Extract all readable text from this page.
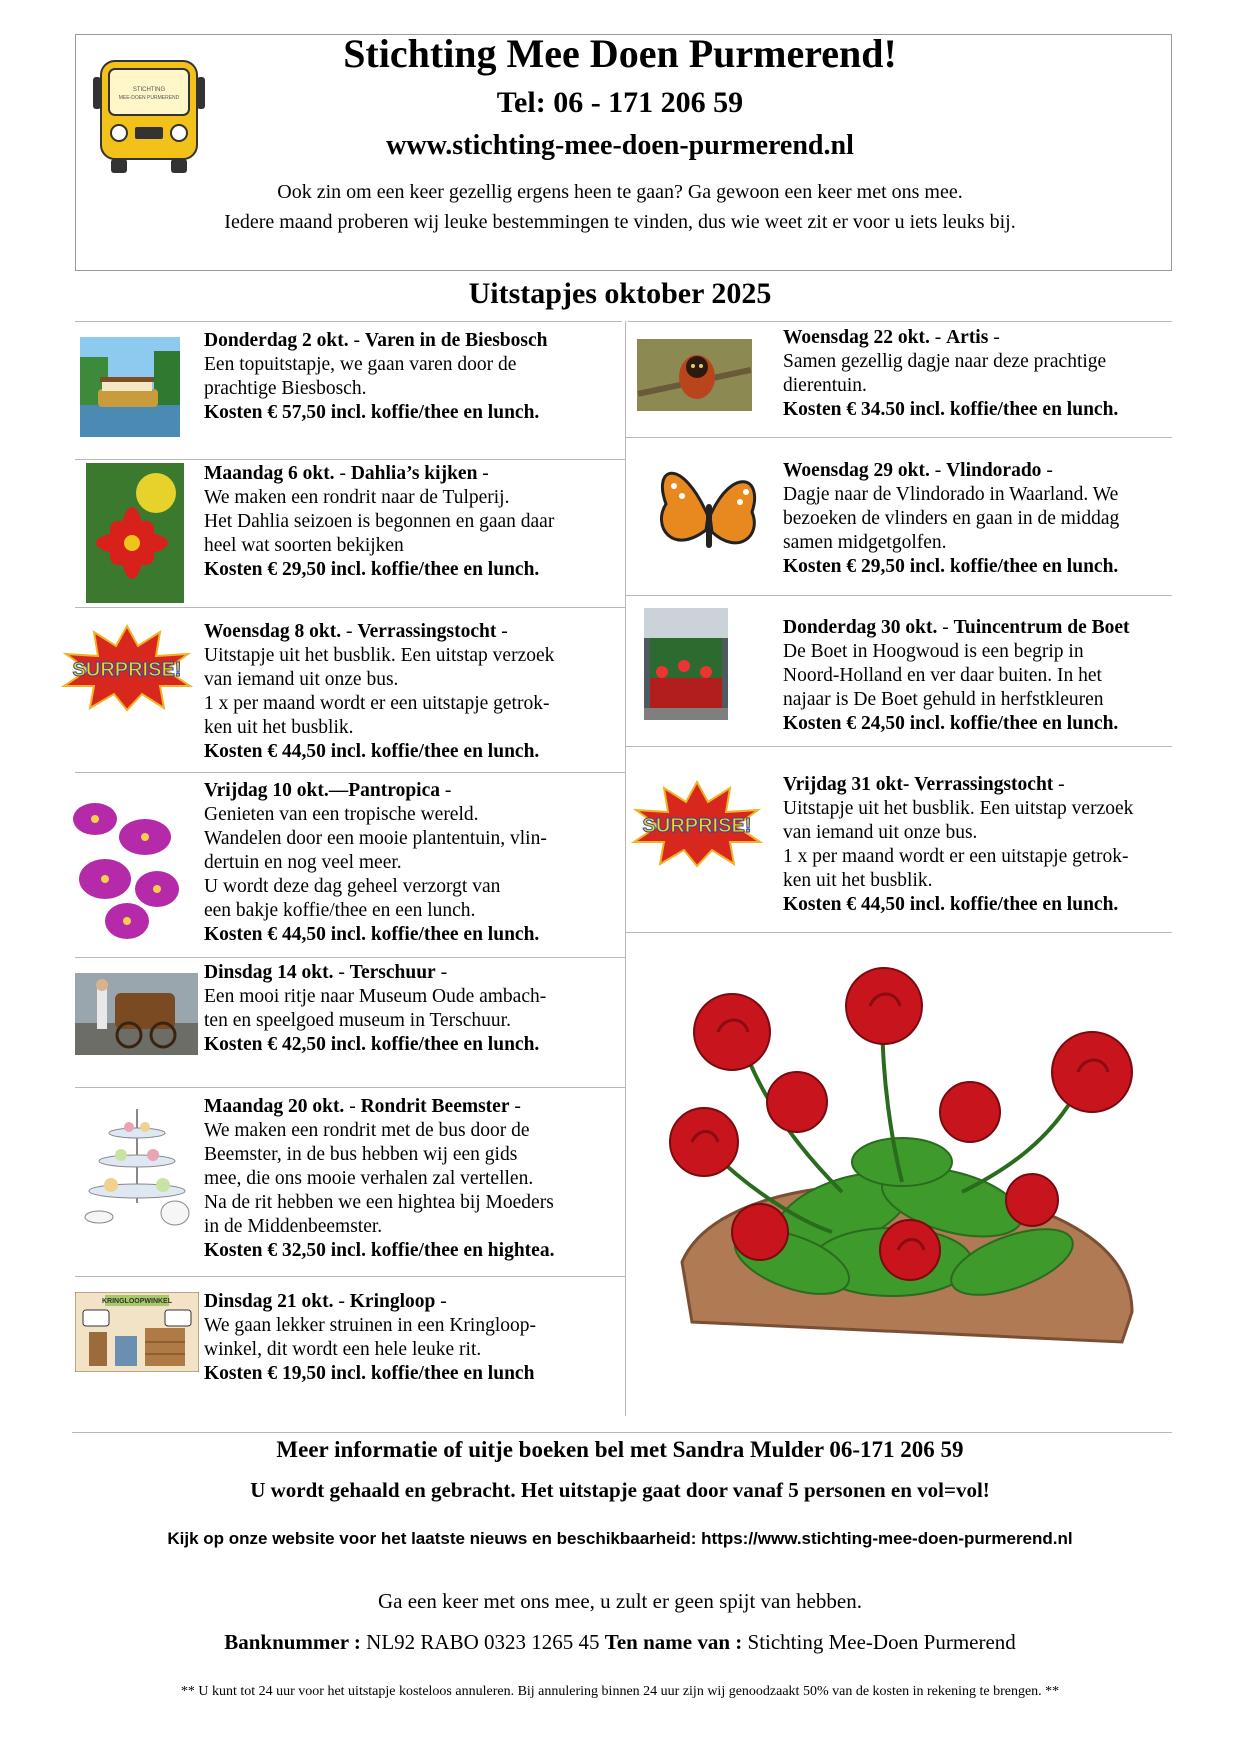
STICHTING
MEE-DOEN PURMEREND
Stichting Mee Doen Purmerend!
Tel: 06 - 171 206 59
www.stichting-mee-doen-purmerend.nl
Ook zin om een keer gezellig ergens heen te gaan? Ga gewoon een keer met ons mee.
Iedere maand proberen wij leuke bestemmingen te vinden, dus wie weet zit er voor u iets leuks bij.
Uitstapjes oktober 2025
SURPRISE!
KRINGLOOPWINKEL
SURPRISE!
Donderdag 2 okt. - Varen in de Biesbosch
Een topuitstapje, we gaan varen door de
prachtige Biesbosch.
Kosten € 57,50 incl. koffie/thee en lunch.
Maandag 6 okt. - Dahlia’s kijken -
We maken een rondrit naar de Tulperij.
Het Dahlia seizoen is begonnen en gaan daar
heel wat soorten bekijken
Kosten € 29,50 incl. koffie/thee en lunch.
Woensdag 8 okt. - Verrassingstocht -
Uitstapje uit het busblik. Een uitstap verzoek
van iemand uit onze bus.
1 x per maand wordt er een uitstapje getrok-
ken uit het busblik.
Kosten € 44,50 incl. koffie/thee en lunch.
Vrijdag 10 okt.—Pantropica -
Genieten van een tropische wereld.
Wandelen door een mooie plantentuin, vlin-
dertuin en nog veel meer.
U wordt deze dag geheel verzorgt van
een bakje koffie/thee en een lunch.
Kosten € 44,50 incl. koffie/thee en lunch.
Dinsdag 14 okt. - Terschuur -
Een mooi ritje naar Museum Oude ambach-
ten en speelgoed museum in Terschuur.
Kosten € 42,50 incl. koffie/thee en lunch.
Maandag 20 okt. - Rondrit Beemster -
We maken een rondrit met de bus door de
Beemster, in de bus hebben wij een gids
mee, die ons mooie verhalen zal vertellen.
Na de rit hebben we een hightea bij Moeders
in de Middenbeemster.
Kosten € 32,50 incl. koffie/thee en hightea.
Dinsdag 21 okt. - Kringloop -
We gaan lekker struinen in een Kringloop-
winkel, dit wordt een hele leuke rit.
Kosten € 19,50 incl. koffie/thee en lunch
Woensdag 22 okt. - Artis -
Samen gezellig dagje naar deze prachtige
dierentuin.
Kosten € 34.50 incl. koffie/thee en lunch.
Woensdag 29 okt. - Vlindorado -
Dagje naar de Vlindorado in Waarland. We
bezoeken de vlinders en gaan in de middag
samen midgetgolfen.
Kosten € 29,50 incl. koffie/thee en lunch.
Donderdag 30 okt. - Tuincentrum de Boet
De Boet in Hoogwoud is een begrip in
Noord-Holland en ver daar buiten. In het
najaar is De Boet gehuld in herfstkleuren
Kosten € 24,50 incl. koffie/thee en lunch.
Vrijdag 31 okt- Verrassingstocht -
Uitstapje uit het busblik. Een uitstap verzoek
van iemand uit onze bus.
1 x per maand wordt er een uitstapje getrok-
ken uit het busblik.
Kosten € 44,50 incl. koffie/thee en lunch.
Meer informatie of uitje boeken bel met Sandra Mulder 06-171 206 59
U wordt gehaald en gebracht. Het uitstapje gaat door vanaf 5 personen en vol=vol!
Kijk op onze website voor het laatste nieuws en beschikbaarheid: https://www.stichting-mee-doen-purmerend.nl
Ga een keer met ons mee, u zult er geen spijt van hebben.
Banknummer : NL92 RABO 0323 1265 45 Ten name van : Stichting Mee-Doen Purmerend
** U kunt tot 24 uur voor het uitstapje kosteloos annuleren. Bij annulering binnen 24 uur zijn wij genoodzaakt 50% van de kosten in rekening te brengen. **
